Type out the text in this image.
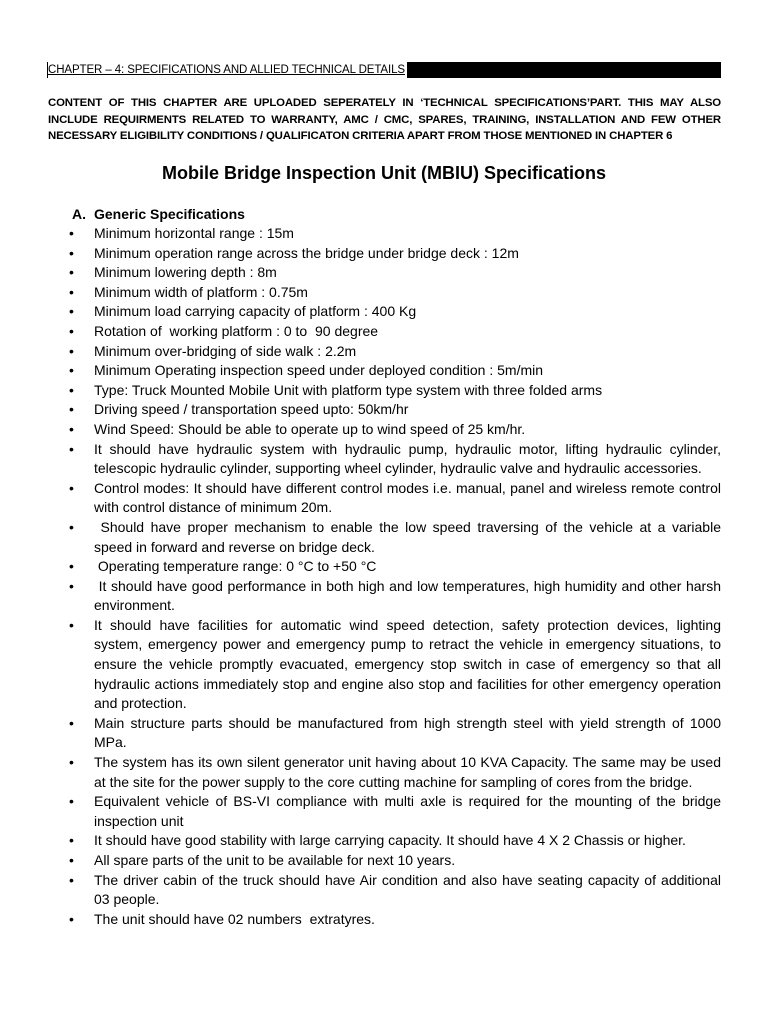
CHAPTER – 4: SPECIFICATIONS AND ALLIED TECHNICAL DETAILS
CONTENT OF THIS CHAPTER ARE UPLOADED SEPERATELY IN ‘TECHNICAL SPECIFICATIONS’PART. THIS MAY ALSO INCLUDE REQUIRMENTS RELATED TO WARRANTY, AMC / CMC, SPARES, TRAINING, INSTALLATION AND FEW OTHER NECESSARY ELIGIBILITY CONDITIONS / QUALIFICATON CRITERIA APART FROM THOSE MENTIONED IN CHAPTER 6
Mobile Bridge Inspection Unit (MBIU) Specifications
A. Generic Specifications
• Minimum horizontal range : 15m
• Minimum operation range across the bridge under bridge deck : 12m
• Minimum lowering depth : 8m
• Minimum width of platform : 0.75m
• Minimum load carrying capacity of platform : 400 Kg
• Rotation of  working platform : 0 to  90 degree
• Minimum over-bridging of side walk : 2.2m
• Minimum Operating inspection speed under deployed condition : 5m/min
• Type: Truck Mounted Mobile Unit with platform type system with three folded arms
• Driving speed / transportation speed upto: 50km/hr
• Wind Speed: Should be able to operate up to wind speed of 25 km/hr.
• It should have hydraulic system with hydraulic pump, hydraulic motor, lifting hydraulic cylinder, telescopic hydraulic cylinder, supporting wheel cylinder, hydraulic valve and hydraulic accessories.
• Control modes: It should have different control modes i.e. manual, panel and wireless remote control with control distance of minimum 20m.
• Should have proper mechanism to enable the low speed traversing of the vehicle at a variable speed in forward and reverse on bridge deck.
• Operating temperature range: 0 °C to +50 °C
• It should have good performance in both high and low temperatures, high humidity and other harsh environment.
• It should have facilities for automatic wind speed detection, safety protection devices, lighting system, emergency power and emergency pump to retract the vehicle in emergency situations, to ensure the vehicle promptly evacuated, emergency stop switch in case of emergency so that all hydraulic actions immediately stop and engine also stop and facilities for other emergency operation and protection.
• Main structure parts should be manufactured from high strength steel with yield strength of 1000 MPa.
• The system has its own silent generator unit having about 10 KVA Capacity. The same may be used at the site for the power supply to the core cutting machine for sampling of cores from the bridge.
• Equivalent vehicle of BS-VI compliance with multi axle is required for the mounting of the bridge inspection unit
• It should have good stability with large carrying capacity. It should have 4 X 2 Chassis or higher.
• All spare parts of the unit to be available for next 10 years.
• The driver cabin of the truck should have Air condition and also have seating capacity of additional 03 people.
• The unit should have 02 numbers  extratyres.
